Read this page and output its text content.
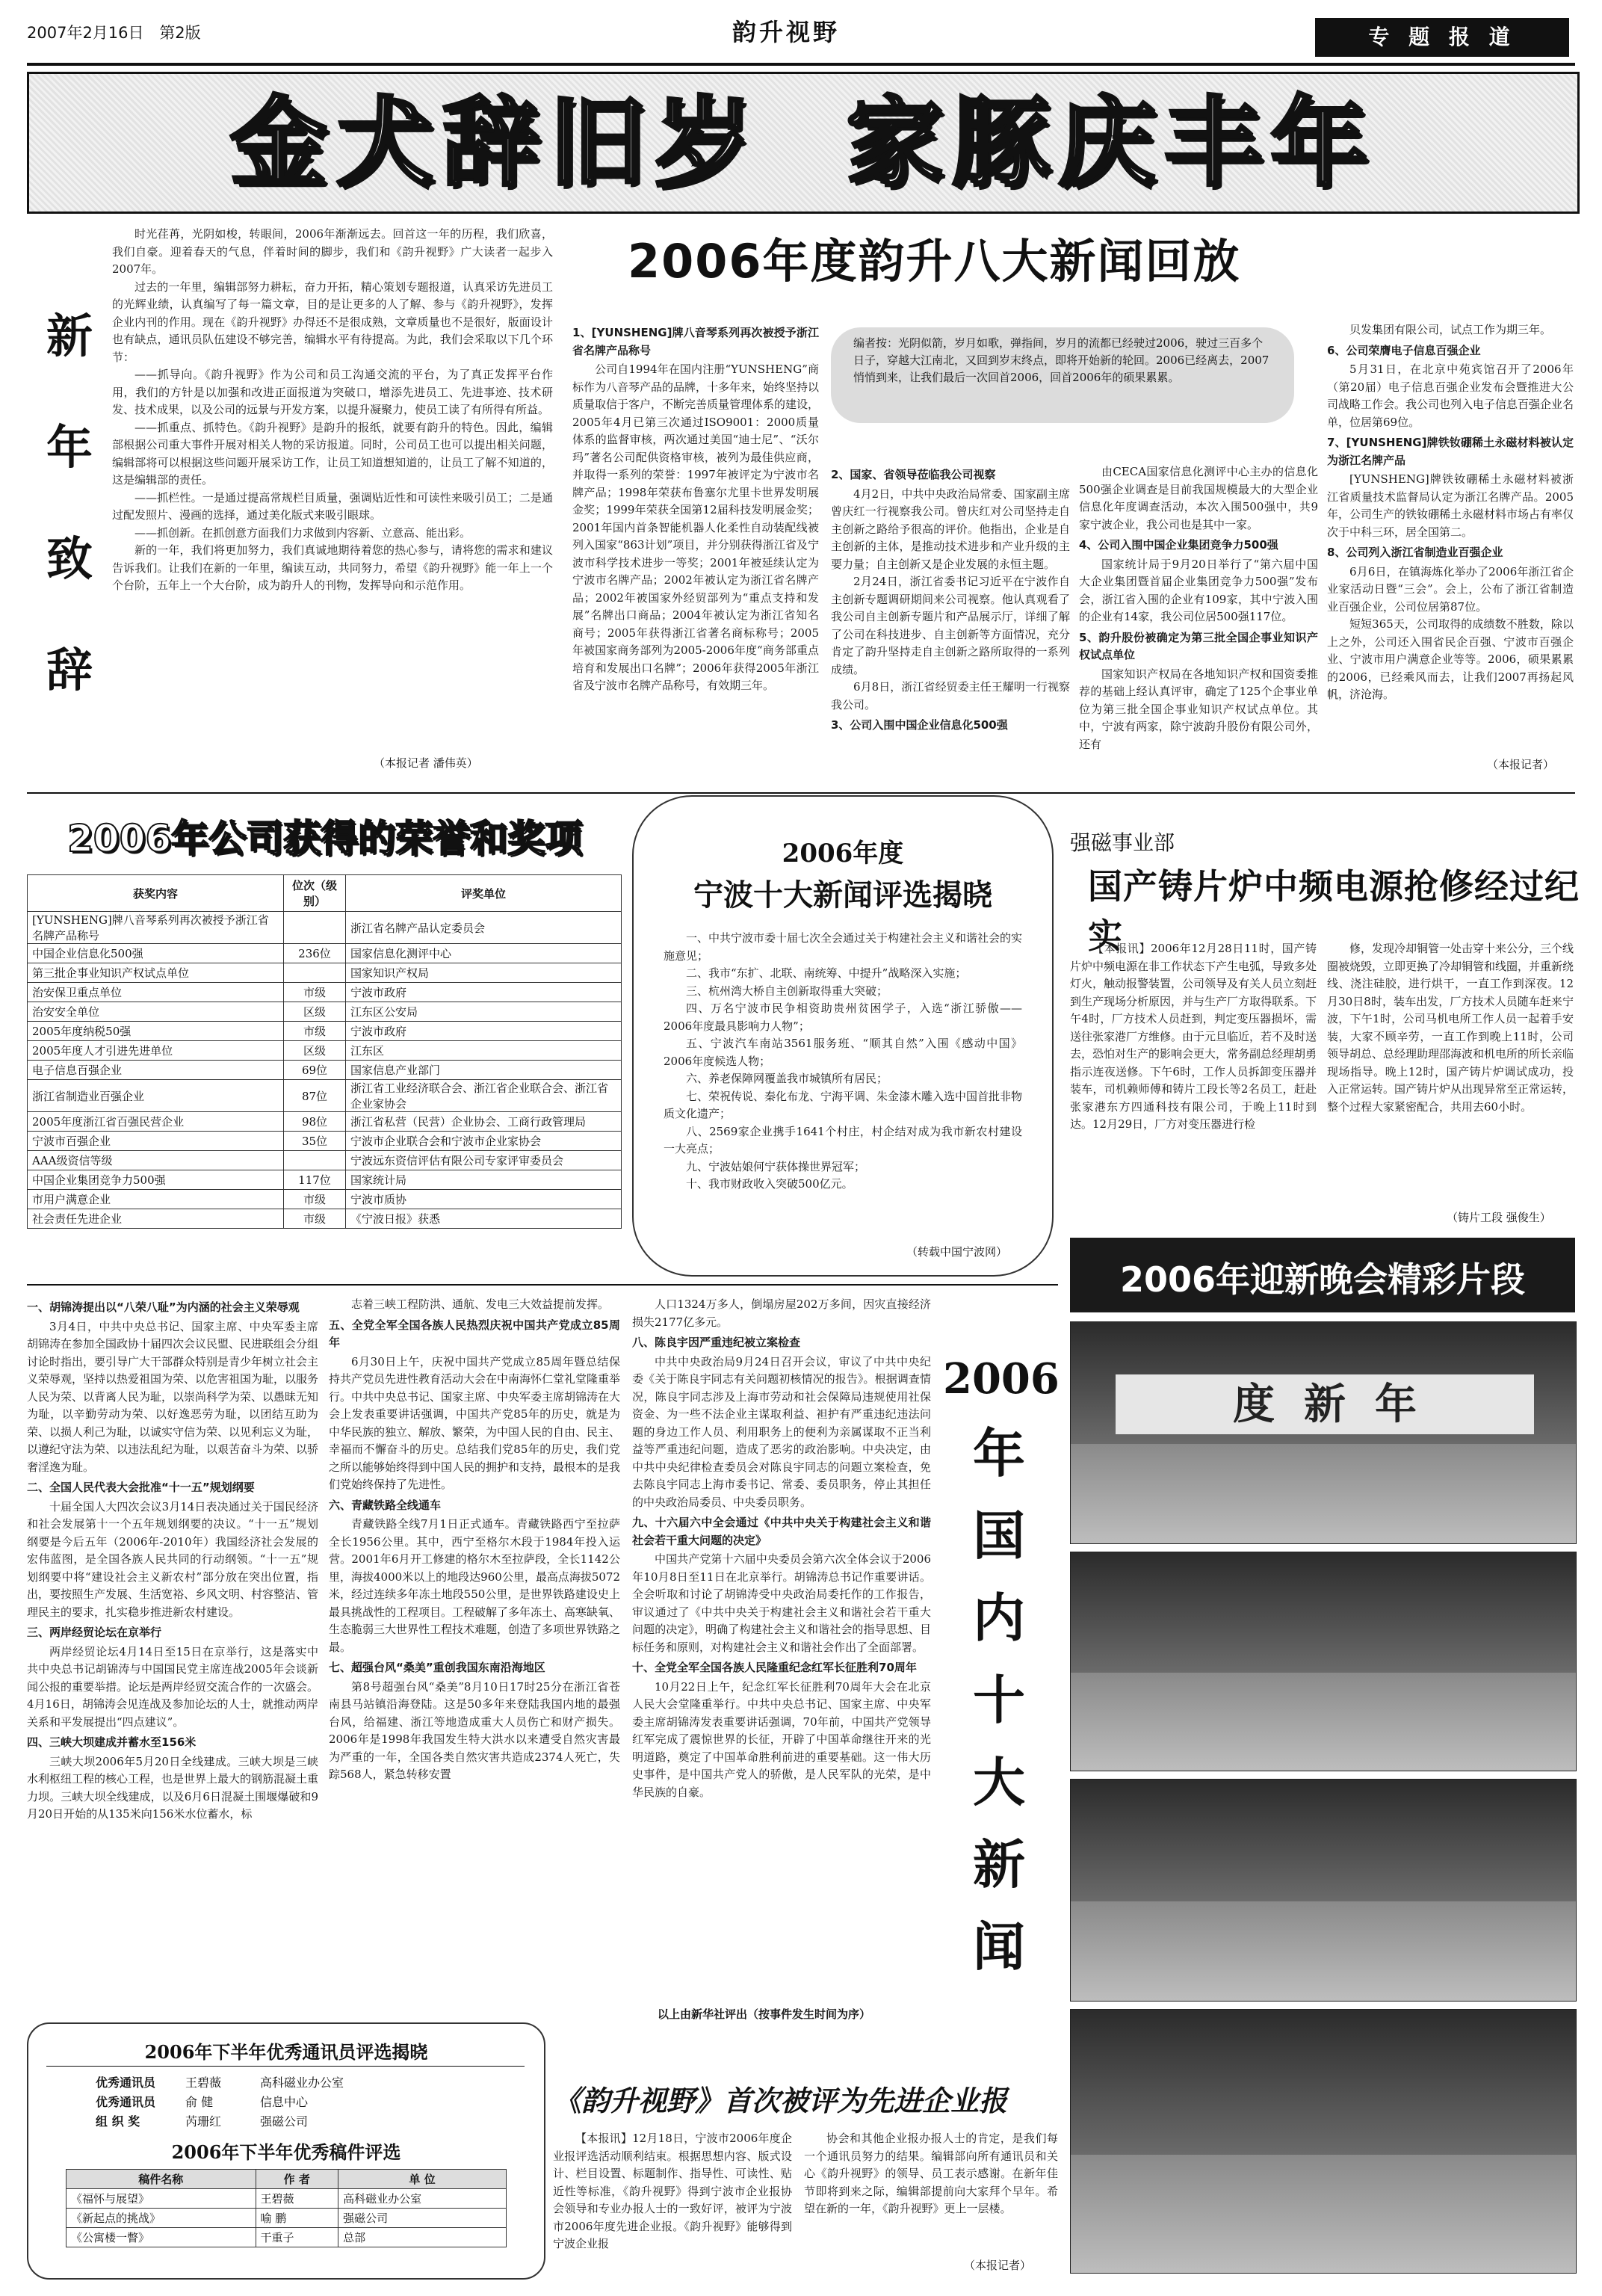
2007年2月16日 第2版	韵升视野	专 题 报 道
金犬辞旧岁  家豚庆丰年
新
年
致
辞

时光荏苒，光阴如梭，转眼间，2006年渐渐远去。回首这一年的历程，我们欣喜，我们自豪。迎着春天的气息，伴着时间的脚步，我们和《韵升视野》广大读者一起步入2007年。

过去的一年里，编辑部努力耕耘，奋力开拓，精心策划专题报道，认真采访先进员工的光辉业绩，认真编写了每一篇文章，目的是让更多的人了解、参与《韵升视野》，发挥企业内刊的作用。现在《韵升视野》办得还不是很成熟，文章质量也不是很好，版面设计也有缺点，通讯员队伍建设不够完善，编辑水平有待提高。为此，我们会采取以下几个环节：

——抓导向。《韵升视野》作为公司和员工沟通交流的平台，为了真正发挥平台作用，我们的方针是以加强和改进正面报道为突破口，增添先进员工、先进事迹、技术研发、技术成果，以及公司的远景与开发方案，以提升凝聚力，使员工读了有所得有所益。

——抓重点、抓特色。《韵升视野》是韵升的报纸，就要有韵升的特色。因此，编辑部根据公司重大事件开展对相关人物的采访报道。同时，公司员工也可以提出相关问题，编辑部将可以根据这些问题开展采访工作，让员工知道想知道的，让员工了解不知道的，这是编辑部的责任。

——抓栏性。一是通过提高常规栏目质量，强调贴近性和可读性来吸引员工；二是通过配发照片、漫画的选择，通过美化版式来吸引眼球。

——抓创新。在抓创意方面我们力求做到内容新、立意高、能出彩。

新的一年，我们将更加努力，我们真诚地期待着您的热心参与，请将您的需求和建议告诉我们。让我们在新的一年里，编读互动，共同努力，希望《韵升视野》能一年上一个个台阶，五年上一个大台阶，成为韵升人的刊物，发挥导向和示范作用。

（本报记者 潘伟英）
2006年度韵升八大新闻回放
编者按：光阴似箭，岁月如歌，弹指间，岁月的流都已经驶过2006，驶过三百多个日子，穿越大江南北，又回到岁末终点，即将开始新的轮回。2006已经离去，2007悄悄到来，让我们最后一次回首2006，回首2006年的硕果累累。
1、[YUNSHENG]牌八音琴系列再次被授予浙江省名牌产品称号

公司自1994年在国内注册“YUNSHENG”商标作为八音琴产品的品牌，十多年来，始终坚持以质量取信于客户，不断完善质量管理体系的建设，2005年4月已第三次通过ISO9001：2000质量体系的监督审核，两次通过美国“迪士尼”、“沃尔玛”著名公司配供资格审核，被列为最佳供应商，并取得一系列的荣誉：1997年被评定为宁波市名牌产品；1998年荣获布鲁塞尔尤里卡世界发明展金奖；1999年荣获全国第12届科技发明展金奖；2001年国内首条智能机器人化柔性自动装配线被列入国家“863计划”项目，并分别获得浙江省及宁波市科学技术进步一等奖；2001年被延续认定为宁波市名牌产品；2002年被认定为浙江省名牌产品；2002年被国家外经贸部列为“重点支持和发展”名牌出口商品；2004年被认定为浙江省知名商号；2005年获得浙江省著名商标称号；2005年被国家商务部列为2005-2006年度“商务部重点培育和发展出口名牌”；2006年获得2005年浙江省及宁波市名牌产品称号，有效期三年。

2、国家、省领导莅临我公司视察

4月2日，中共中央政治局常委、国家副主席曾庆红一行视察我公司。曾庆红对公司坚持走自主创新之路给予很高的评价。他指出，企业是自主创新的主体，是推动技术进步和产业升级的主要力量；自主创新又是企业发展的永恒主题。

2月24日，浙江省委书记习近平在宁波作自主创新专题调研期间来公司视察。他认真观看了我公司自主创新专题片和产品展示厅，详细了解了公司在科技进步、自主创新等方面情况，充分肯定了韵升坚持走自主创新之路所取得的一系列成绩。

6月8日，浙江省经贸委主任王耀明一行视察我公司。

3、公司入围中国企业信息化500强

由CECA国家信息化测评中心主办的信息化500强企业调查是目前我国规模最大的大型企业信息化年度调查活动，本次入围500强中，共9家宁波企业，我公司也是其中一家。

4、公司入围中国企业集团竞争力500强

国家统计局于9月20日举行了“第六届中国大企业集团暨首届企业集团竞争力500强”发布会，浙江省入围的企业有109家，其中宁波入围的企业有14家，我公司位居500强117位。

5、韵升股份被确定为第三批全国企事业知识产权试点单位

国家知识产权局在各地知识产权和国资委推荐的基础上经认真评审，确定了125个企事业单位为第三批全国企事业知识产权试点单位。其中，宁波有两家，除宁波韵升股份有限公司外，还有

贝发集团有限公司，试点工作为期三年。

6、公司荣膺电子信息百强企业

5月31日，在北京中苑宾馆召开了2006年（第20届）电子信息百强企业发布会暨推进大公司战略工作会。我公司也列入电子信息百强企业名单，位居第69位。

7、[YUNSHENG]牌铁钕硼稀土永磁材料被认定为浙江名牌产品

[YUNSHENG]牌铁钕硼稀土永磁材料被浙江省质量技术监督局认定为浙江名牌产品。2005年，公司生产的铁钕硼稀土永磁材料市场占有率仅次于中科三环，居全国第二。

8、公司列入浙江省制造业百强企业

6月6日，在镇海炼化举办了2006年浙江省企业家活动日暨“三会”。会上，公布了浙江省制造业百强企业，公司位居第87位。

短短365天，公司取得的成绩数不胜数，除以上之外，公司还入围省民企百强、宁波市百强企业、宁波市用户满意企业等等。2006，硕果累累的2006，已经乘风而去，让我们2007再扬起风帆，济沧海。

（本报记者）
2006年公司获得的荣誉和奖项
获奖内容	位次（级别）	评奖单位
[YUNSHENG]牌八音琴系列再次被授予浙江省名牌产品称号		浙江省名牌产品认定委员会
中国企业信息化500强	236位	国家信息化测评中心
第三批企事业知识产权试点单位		国家知识产权局
治安保卫重点单位	市级	宁波市政府
治安安全单位	区级	江东区公安局
2005年度纳税50强	市级	宁波市政府
2005年度人才引进先进单位	区级	江东区
电子信息百强企业	69位	国家信息产业部门
浙江省制造业百强企业	87位	浙江省工业经济联合会、浙江省企业联合会、浙江省企业家协会
2005年度浙江省百强民营企业	98位	浙江省私营（民营）企业协会、工商行政管理局
宁波市百强企业	35位	宁波市企业联合会和宁波市企业家协会
AAA级资信等级		宁波远东资信评估有限公司专家评审委员会
中国企业集团竞争力500强	117位	国家统计局
市用户满意企业	市级	宁波市质协
社会责任先进企业	市级	《宁波日报》获悉
2006年度
宁波十大新闻评选揭晓

一、中共宁波市委十届七次全会通过关于构建社会主义和谐社会的实施意见；

二、我市“东扩、北联、南统筹、中提升”战略深入实施；

三、杭州湾大桥自主创新取得重大突破；

四、万名宁波市民争相资助贵州贫困学子，入选“浙江骄傲——2006年度最具影响力人物”；

五、宁波汽车南站3561服务班、“顺其自然”入围《感动中国》2006年度候选人物；

六、养老保障网覆盖我市城镇所有居民；

七、荣祝传说、秦化布龙、宁海平调、朱金漆木雕入选中国首批非物质文化遗产；

八、2569家企业携手1641个村庄，村企结对成为我市新农村建设一大亮点；

九、宁波姑娘何宁获体操世界冠军；

十、我市财政收入突破500亿元。

（转载中国宁波网）
强磁事业部
国产铸片炉中频电源抢修经过纪实

【本报讯】2006年12月28日11时，国产铸片炉中频电源在非工作状态下产生电弧，导致多处灯火，触动报警装置，公司领导及有关人员立刻赶到生产现场分析原因，并与生产厂方取得联系。下午4时，厂方技术人员赶到，判定变压器损坏，需送往张家港厂方维修。由于元旦临近，若不及时送去，恐怕对生产的影响会更大，常务副总经理胡勇指示连夜送修。下午6时，工作人员拆卸变压器并装车，司机赖师傅和铸片工段长等2名员工，赶赴张家港东方四通科技有限公司，于晚上11时到达。12月29日，厂方对变压器进行检

修，发现冷却铜管一处击穿十来公分，三个线圈被烧毁，立即更换了冷却铜管和线圈，并重新绕线、浇注硅胶，进行烘干，一直工作到深夜。12月30日8时，装车出发，厂方技术人员随车赶来宁波，下午1时，公司马机电所工作人员一起着手安装，大家不顾辛劳，一直工作到晚上11时，公司领导胡总、总经理助理邵海波和机电所的所长亲临现场指导。晚上12时，国产铸片炉调试成功，投入正常运转。国产铸片炉从出现异常至正常运转，整个过程大家紧密配合，共用去60小时。

（铸片工段 强俊生）
2006年迎新晚会精彩片段
度  新  年
一、胡锦涛提出以“八荣八耻”为内涵的社会主义荣辱观

3月4日，中共中央总书记、国家主席、中央军委主席胡锦涛在参加全国政协十届四次会议民盟、民进联组会分组讨论时指出，要引导广大干部群众特别是青少年树立社会主义荣辱观，坚持以热爱祖国为荣、以危害祖国为耻，以服务人民为荣、以背离人民为耻，以崇尚科学为荣、以愚昧无知为耻，以辛勤劳动为荣、以好逸恶劳为耻，以团结互助为荣、以损人利己为耻，以诚实守信为荣、以见利忘义为耻，以遵纪守法为荣、以违法乱纪为耻，以艰苦奋斗为荣、以骄奢淫逸为耻。

二、全国人民代表大会批准“十一五”规划纲要

十届全国人大四次会议3月14日表决通过关于国民经济和社会发展第十一个五年规划纲要的决议。“十一五”规划纲要是今后五年（2006年-2010年）我国经济社会发展的宏伟蓝图，是全国各族人民共同的行动纲领。“十一五”规划纲要中将“建设社会主义新农村”部分放在突出位置，指出，要按照生产发展、生活宽裕、乡风文明、村容整洁、管理民主的要求，扎实稳步推进新农村建设。

三、两岸经贸论坛在京举行

两岸经贸论坛4月14日至15日在京举行，这是落实中共中央总书记胡锦涛与中国国民党主席连战2005年会谈新闻公报的重要举措。论坛是两岸经贸交流合作的一次盛会。4月16日，胡锦涛会见连战及参加论坛的人士，就推动两岸关系和平发展提出“四点建议”。

四、三峡大坝建成并蓄水至156米

三峡大坝2006年5月20日全线建成。三峡大坝是三峡水利枢纽工程的核心工程，也是世界上最大的钢筋混凝土重力坝。三峡大坝全线建成，以及6月6日混凝土围堰爆破和9月20日开始的从135米向156米水位蓄水，标

志着三峡工程防洪、通航、发电三大效益提前发挥。

五、全党全军全国各族人民热烈庆祝中国共产党成立85周年

6月30日上午，庆祝中国共产党成立85周年暨总结保持共产党员先进性教育活动大会在中南海怀仁堂礼堂隆重举行。中共中央总书记、国家主席、中央军委主席胡锦涛在大会上发表重要讲话强调，中国共产党85年的历史，就是为中华民族的独立、解放、繁荣，为中国人民的自由、民主、幸福而不懈奋斗的历史。总结我们党85年的历史，我们党之所以能够始终得到中国人民的拥护和支持，最根本的是我们党始终保持了先进性。

六、青藏铁路全线通车

青藏铁路全线7月1日正式通车。青藏铁路西宁至拉萨全长1956公里。其中，西宁至格尔木段于1984年投入运营。2001年6月开工修建的格尔木至拉萨段，全长1142公里，海拔4000米以上的地段达960公里，最高点海拔5072米，经过连续多年冻土地段550公里，是世界铁路建设史上最具挑战性的工程项目。工程破解了多年冻土、高寒缺氧、生态脆弱三大世界性工程技术难题，创造了多项世界铁路之最。

七、超强台风“桑美”重创我国东南沿海地区

第8号超强台风“桑美”8月10日17时25分在浙江省苍南县马站镇沿海登陆。这是50多年来登陆我国内地的最强台风，给福建、浙江等地造成重大人员伤亡和财产损失。2006年是1998年我国发生特大洪水以来遭受自然灾害最为严重的一年，全国各类自然灾害共造成2374人死亡，失踪568人，紧急转移安置

人口1324万多人，倒塌房屋202万多间，因灾直接经济损失2177亿多元。

八、陈良宇因严重违纪被立案检查

中共中央政治局9月24日召开会议，审议了中共中央纪委《关于陈良宇同志有关问题初核情况的报告》。根据调查情况，陈良宇同志涉及上海市劳动和社会保障局违规使用社保资金、为一些不法企业主谋取利益、袒护有严重违纪违法问题的身边工作人员、利用职务上的便利为亲属谋取不正当利益等严重违纪问题，造成了恶劣的政治影响。中央决定，由中共中央纪律检查委员会对陈良宇同志的问题立案检查，免去陈良宇同志上海市委书记、常委、委员职务，停止其担任的中央政治局委员、中央委员职务。

九、十六届六中全会通过《中共中央关于构建社会主义和谐社会若干重大问题的决定》

中国共产党第十六届中央委员会第六次全体会议于2006年10月8日至11日在北京举行。胡锦涛总书记作重要讲话。全会听取和讨论了胡锦涛受中央政治局委托作的工作报告，审议通过了《中共中央关于构建社会主义和谐社会若干重大问题的决定》，明确了构建社会主义和谐社会的指导思想、目标任务和原则，对构建社会主义和谐社会作出了全面部署。

十、全党全军全国各族人民隆重纪念红军长征胜利70周年

10月22日上午，纪念红军长征胜利70周年大会在北京人民大会堂隆重举行。中共中央总书记、国家主席、中央军委主席胡锦涛发表重要讲话强调，70年前，中国共产党领导红军完成了震惊世界的长征，开辟了中国革命继往开来的光明道路，奠定了中国革命胜利前进的重要基础。这一伟大历史事件，是中国共产党人的骄傲，是人民军队的光荣，是中华民族的自豪。

以上由新华社评出（按事件发生时间为序）
2006
年
国
内
十
大
新
闻
2006年下半年优秀通讯员评选揭晓
优秀通讯员 王碧薇	高科磁业办公室
优秀通讯员 俞 健	信息中心
组 织 奖	芮珊红	强磁公司
2006年下半年优秀稿件评选
稿件名称	作 者	单 位
《福怀与展望》	王碧薇	高科磁业办公室
《新起点的挑战》	喻 鹏	强磁公司
《公寓楼一瞥》	干重子	总部
《韵升视野》首次被评为先进企业报

【本报讯】12月18日，宁波市2006年度企业报评选活动顺利结束。根据思想内容、版式设计、栏目设置、标题制作、指导性、可读性、贴近性等标准，《韵升视野》得到宁波市企业报协会领导和专业办报人士的一致好评，被评为宁波市2006年度先进企业报。《韵升视野》能够得到宁波企业报

协会和其他企业报办报人士的肯定，是我们每一个通讯员努力的结果。编辑部向所有通讯员和关心《韵升视野》的领导、员工表示感谢。在新年佳节即将到来之际，编辑部提前向大家拜个早年。希望在新的一年，《韵升视野》更上一层楼。

（本报记者）
